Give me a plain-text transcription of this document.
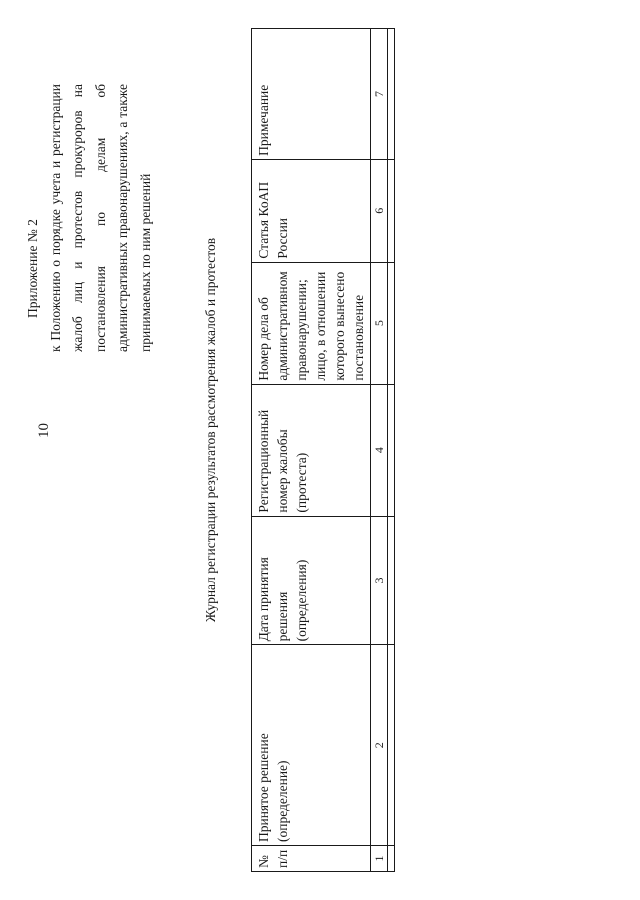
10
Приложение № 2 к Положению о порядке учета и регистрации жалоб лиц и протестов прокуроров на постановления по делам об административных правонарушениях, а также принимаемых по ним решений	Журнал регистрации результатов рассмотрения жалоб и протестов
№ п/п	Принятое решение (определение)	Дата принятия решения (определения)	Регистрационный номер жалобы (протеста)	Номер дела об административном правонарушении; лицо, в отношении которого вынесено постановление	Статья КоАП России	Примечание
1	2	3	4	5	6	7
